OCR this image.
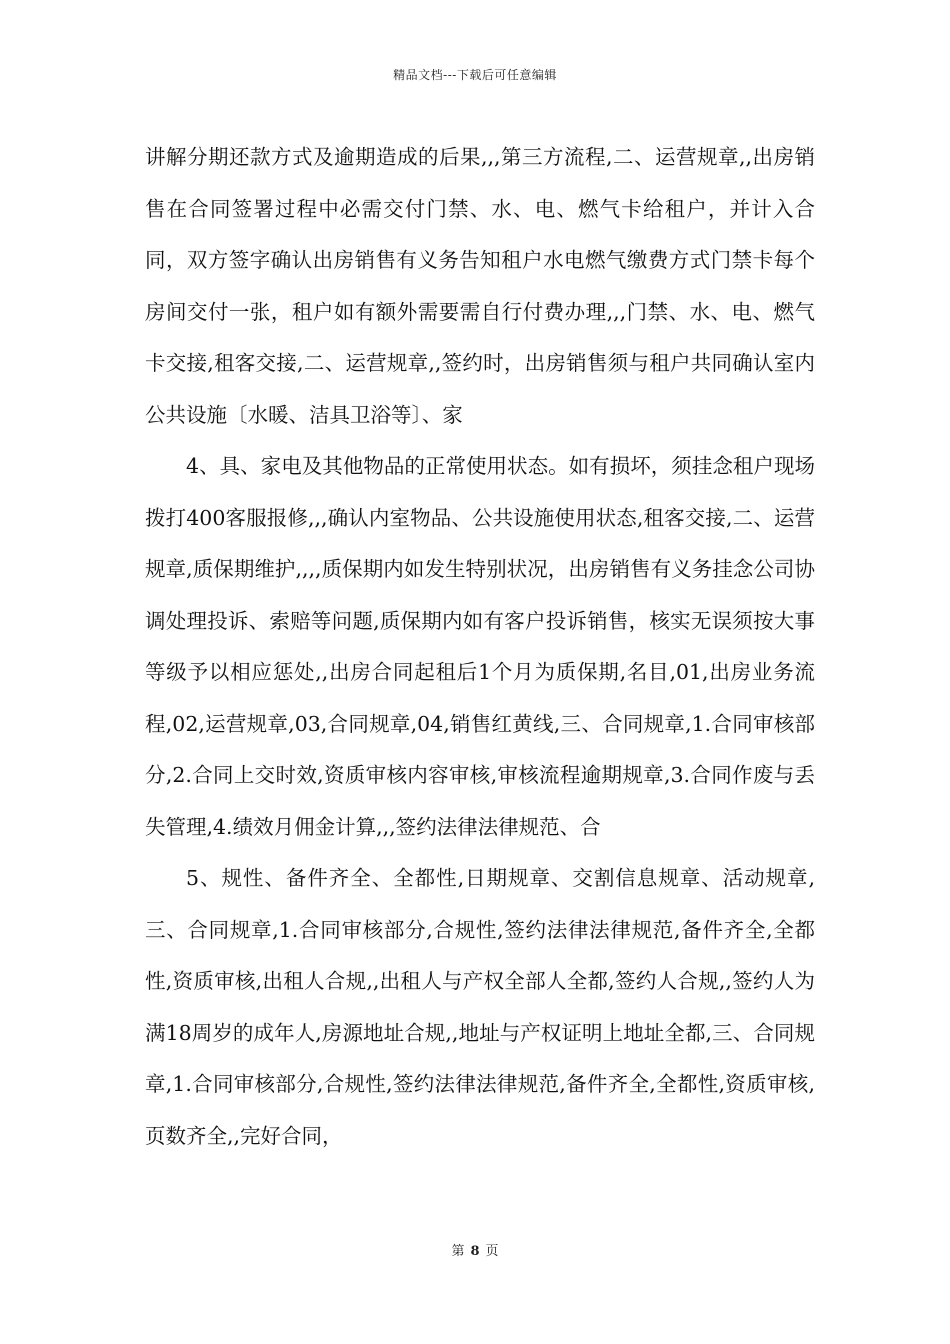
精品文档---下载后可任意编辑

讲解分期还款方式及逾期造成的后果,,,第三方流程,二、运营规章,,出房销售在合同签署过程中必需交付门禁、水、电、燃气卡给租户，并计入合同，双方签字确认出房销售有义务告知租户水电燃气缴费方式门禁卡每个房间交付一张，租户如有额外需要需自行付费办理,,,门禁、水、电、燃气卡交接,租客交接,二、运营规章,,签约时，出房销售须与租户共同确认室内公共设施〔水暖、洁具卫浴等〕、家

4、具、家电及其他物品的正常使用状态。如有损坏，须挂念租户现场拨打400客服报修,,,确认内室物品、公共设施使用状态,租客交接,二、运营规章,质保期维护,,,,质保期内如发生特别状况，出房销售有义务挂念公司协调处理投诉、索赔等问题,质保期内如有客户投诉销售，核实无误须按大事等级予以相应惩处,,出房合同起租后1个月为质保期,名目,01,出房业务流程,02,运营规章,03,合同规章,04,销售红黄线,三、合同规章,1.合同审核部分,2.合同上交时效,资质审核内容审核,审核流程逾期规章,3.合同作废与丢失管理,4.绩效月佣金计算,,,签约法律法律规范、合

5、规性、备件齐全、全都性,日期规章、交割信息规章、活动规章,三、合同规章,1.合同审核部分,合规性,签约法律法律规范,备件齐全,全都性,资质审核,出租人合规,,出租人与产权全部人全都,签约人合规,,签约人为满18周岁的成年人,房源地址合规,,地址与产权证明上地址全都,三、合同规章,1.合同审核部分,合规性,签约法律法律规范,备件齐全,全都性,资质审核,页数齐全,,完好合同，

第 8 页
